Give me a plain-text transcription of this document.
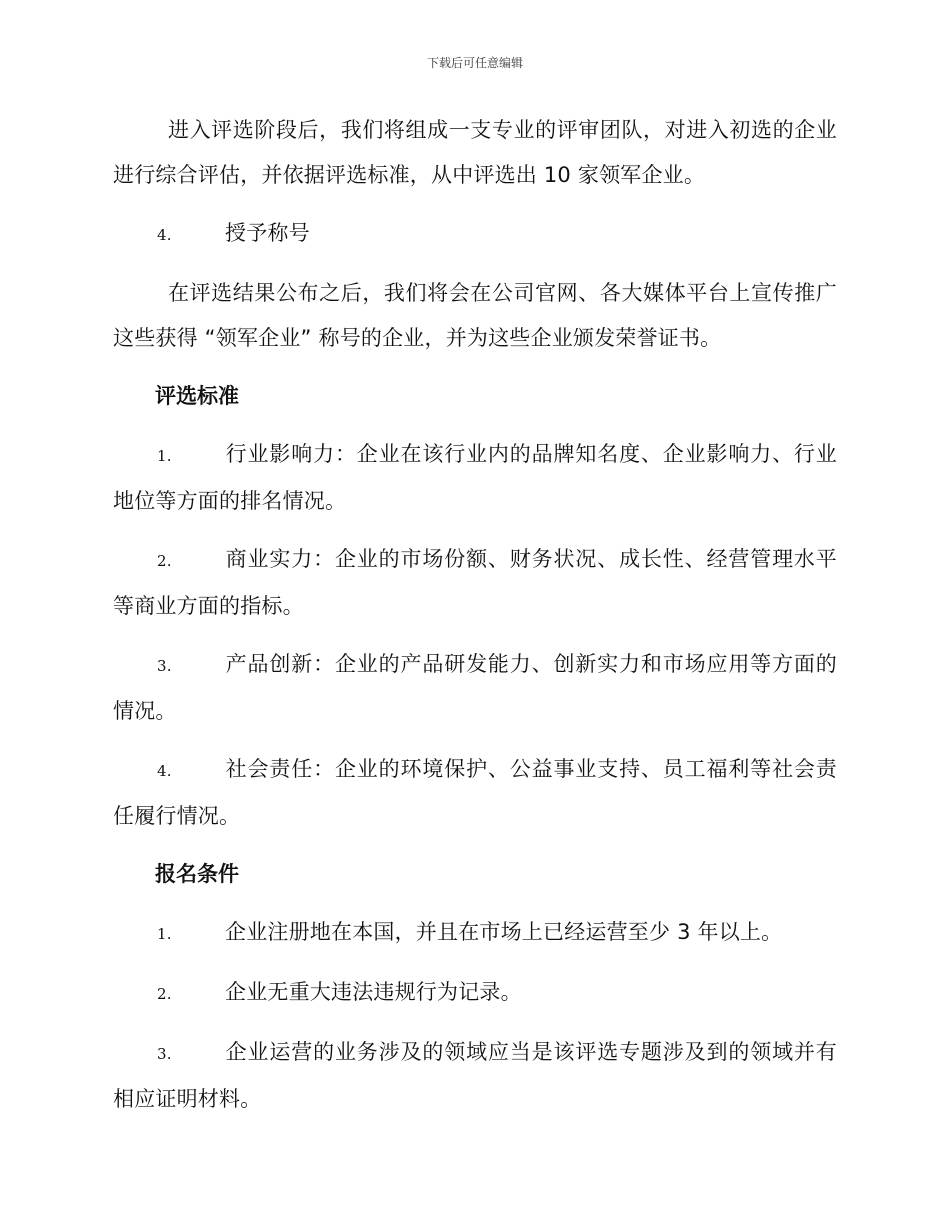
下载后可任意编辑

进入评选阶段后，我们将组成一支专业的评审团队，对进入初选的企业进行综合评估，并依据评选标准，从中评选出 10 家领军企业。

4.	授予称号

在评选结果公布之后，我们将会在公司官网、各大媒体平台上宣传推广这些获得 “领军企业” 称号的企业，并为这些企业颁发荣誉证书。

评选标准

1.	行业影响力：企业在该行业内的品牌知名度、企业影响力、行业地位等方面的排名情况。

2.	商业实力：企业的市场份额、财务状况、成长性、经营管理水平等商业方面的指标。

3.	产品创新：企业的产品研发能力、创新实力和市场应用等方面的情况。

4.	社会责任：企业的环境保护、公益事业支持、员工福利等社会责任履行情况。

报名条件

1.	企业注册地在本国，并且在市场上已经运营至少 3 年以上。

2.	企业无重大违法违规行为记录。

3.	企业运营的业务涉及的领域应当是该评选专题涉及到的领域并有相应证明材料。
